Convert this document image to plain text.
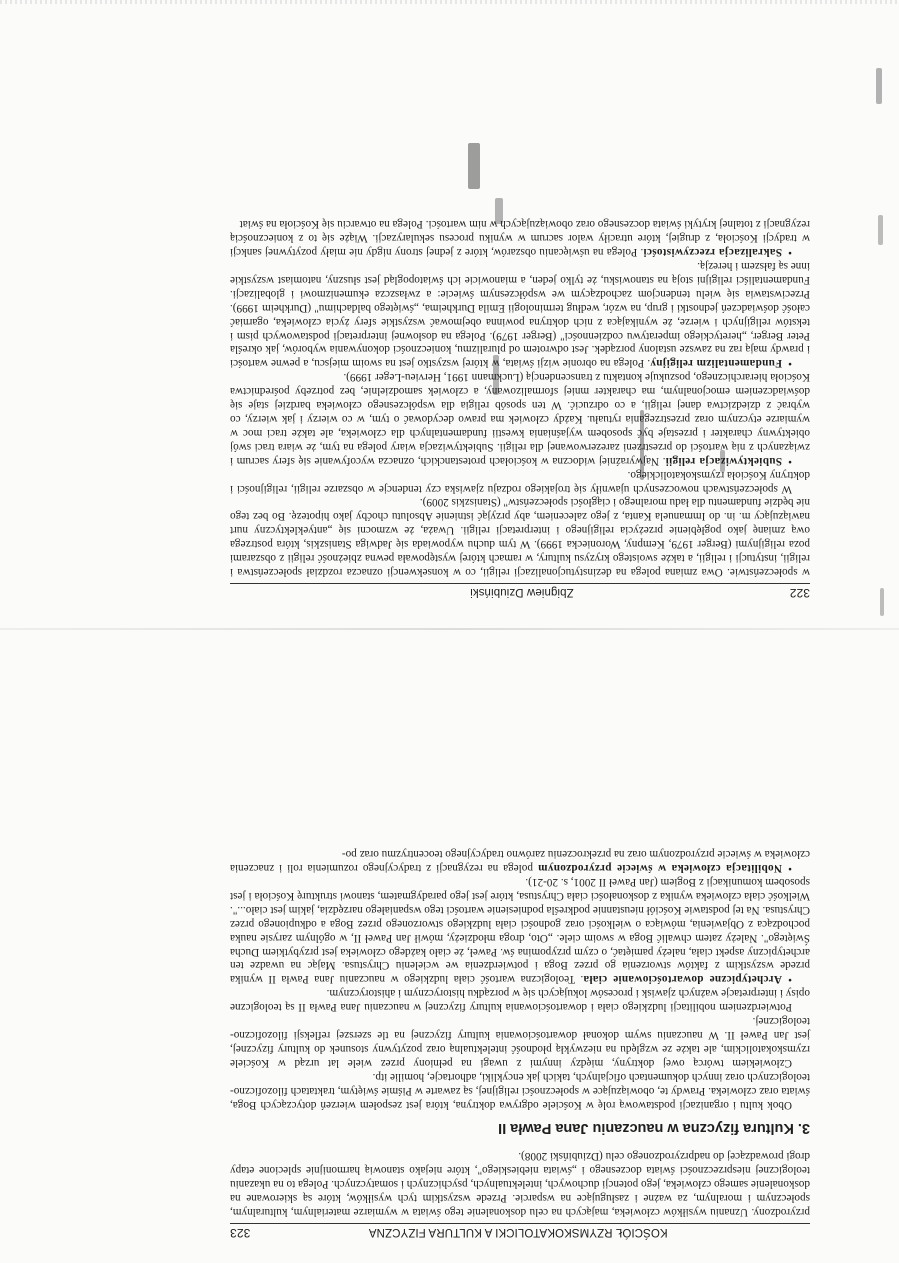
322
Zbigniew Dziubiński

w społeczeństwie. Owa zmiana polega na dezinstytucjonalizacji religii, co w konsekwencji oznacza rozdział społeczeństwa i religii, instytucji i religii, a także swoistego kryzysu kultury, w ramach której występowała pewna zbieżność religii z obszarami poza religijnymi (Berger 1979, Kempny, Woroniecka 1999). W tym duchu wypowiada się Jadwiga Staniszkis, która postrzega ową zmianę jako pogłębienie przeżycia religijnego i interpretacji religii. Uważa, że wzmocni się „antyeklektyczny nurt nawiązujący m. in. do Immanuela Kanta, z jego zaleceniem, aby przyjąć istnienie Absolutu choćby jako hipotezę. Bo bez tego nie będzie fundamentu dla ładu moralnego i ciągłości społeczeństw" (Staniszkis 2009).

W społeczeństwach nowoczesnych ujawniły się trojakiego rodzaju zjawiska czy tendencje w obszarze religii, religijności i doktryny Kościoła rzymskokatolickiego.

•Subiektywizacja religii. Najwyraźniej widoczna w kościołach protestanckich, oznacza wycofywanie się sfery sacrum i związanych z nią wartości do przestrzeni zarezerwowanej dla religii. Subiektywizacja wiary polega na tym, że wiara traci swój obiektywny charakter i przestaje być sposobem wyjaśniania kwestii fundamentalnych dla człowieka, ale także traci moc w wymiarze etycznym oraz przestrzegania rytuału. Każdy człowiek ma prawo decydować o tym, w co wierzy i jak wierzy, co wybrać z dziedzictwa danej religii, a co odrzucić. W ten sposób religia dla współczesnego człowieka bardziej staje się doświadczeniem emocjonalnym, ma charakter mniej sformalizowany, a człowiek samodzielnie, bez potrzeby pośrednictwa Kościoła hierarchicznego, poszukuje kontaktu z transcendencją (Luckmann 1991, Hervieu-Leger 1999).

•Fundamentalizm religijny. Polega na obronie wizji świata, w której wszystko jest na swoim miejscu, a pewne wartości i prawdy mają raz na zawsze ustalony porządek. Jest odwrotem od pluralizmu, konieczności dokonywania wyborów, jak określa Peter Berger, „heretyckiego imperatywu codzienności" (Berger 1979). Polega na dosłownej interpretacji podstawowych pism i tekstów religijnych i wierze, że wynikająca z nich doktryna powinna obejmować wszystkie sfery życia człowieka, ogarniać całość doświadczeń jednostki i grup, na wzór, według terminologii Emila Durkheima, „świętego baldachimu" (Durkheim 1999). Przeciwstawia się wielu tendencjom zachodzącym we współczesnym świecie: a zwłaszcza ekumenizmowi i globalizacji. Fundamentaliści religijni stoją na stanowisku, że tylko jeden, a mianowicie ich światopogląd jest słuszny, natomiast wszystkie inne są fałszem i herezją.

•Sakralizacja rzeczywistości. Polega na uświęcaniu obszarów, które z jednej strony nigdy nie miały pozytywnej sankcji w tradycji Kościoła, z drugiej, które utraciły walor sacrum w wyniku procesu sekularyzacji. Wiąże się to z koniecznością rezygnacji z totalnej krytyki świata doczesnego oraz obowiązujących w nim wartości. Polega na otwarciu się Kościoła na świat

KOŚCIÓŁ RZYMSKOKATOLICKI A KULTURA FIZYCZNA
323

przyrodzony. Uznaniu wysiłków człowieka, mających na celu doskonalenie tego świata w wymiarze materialnym, kulturalnym, społecznym i moralnym, za ważne i zasługujące na wsparcie. Przede wszystkim tych wysiłków, które są skierowane na doskonalenie samego człowieka, jego potencji duchowych, intelektualnych, psychicznych i somatycznych. Polega to na ukazaniu teologicznej niesprzeczności świata doczesnego i „świata niebieskiego", które niejako stanowią harmonijnie splecione etapy drogi prowadzącej do nadprzyrodzonego celu (Dziubiński 2008).

3. Kultura fizyczna w nauczaniu Jana Pawła II

Obok kultu i organizacji podstawową rolę w Kościele odgrywa doktryna, która jest zespołem wierzeń dotyczących Boga, świata oraz człowieka. Prawdy te, obowiązujące w społeczności religijnej, są zawarte w Piśmie świętym, traktatach filozoficzno-teologicznych oraz innych dokumentach oficjalnych, takich jak encykliki, adhortacje, homilie itp.

Człowiekiem twórcą owej doktryny, między innymi z uwagi na pełniony przez wiele lat urząd w Kościele rzymskokatolickim, ale także ze względu na niezwykłą płodność intelektualną oraz pozytywny stosunek do kultury fizycznej, jest Jan Paweł II. W nauczaniu swym dokonał dowartościowania kultury fizycznej na tle szerszej refleksji filozoficzno-teologicznej.

Potwierdzeniem nobilitacji ludzkiego ciała i dowartościowania kultury fizycznej w nauczaniu Jana Pawła II są teologiczne opisy i interpretacje ważnych zjawisk i procesów lokujących się w porządku historycznym i ahistorycznym.

•Archetypiczne dowartościowanie ciała. Teologiczna wartość ciała ludzkiego w nauczaniu Jana Pawła II wynika przede wszystkim z faktów stworzenia go przez Boga i potwierdzenia we wcieleniu Chrystusa. Mając na uwadze ten archetypiczny aspekt ciała, należy pamiętać, o czym przypomina św. Paweł, że ciało każdego człowieka jest przybytkiem Ducha Świętego". Należy zatem chwalić Boga w swoim ciele. „Oto, droga młodzieży, mówił Jan Paweł II, w ogólnym zarysie nauka pochodząca z Objawienia, mówiąca o wielkości oraz godności ciała ludzkiego stworzonego przez Boga a odkupionego przez Chrystusa. Na tej podstawie Kościół nieustannie podkreśla podniesienie wartości tego wspaniałego narzędzia, jakim jest ciało...". Wielkość ciała człowieka wynika z doskonałości ciała Chrystusa, które jest jego paradygmatem, stanowi strukturę Kościoła i jest sposobem komunikacji z Bogiem (Jan Paweł II 2001, s. 20-21).

•Nobilitacja człowieka w świecie przyrodzonym polega na rezygnacji z tradycyjnego rozumienia roli i znaczenia człowieka w świecie przyrodzonym oraz na przekroczeniu zarówno tradycyjnego teocentryzmu oraz po-
